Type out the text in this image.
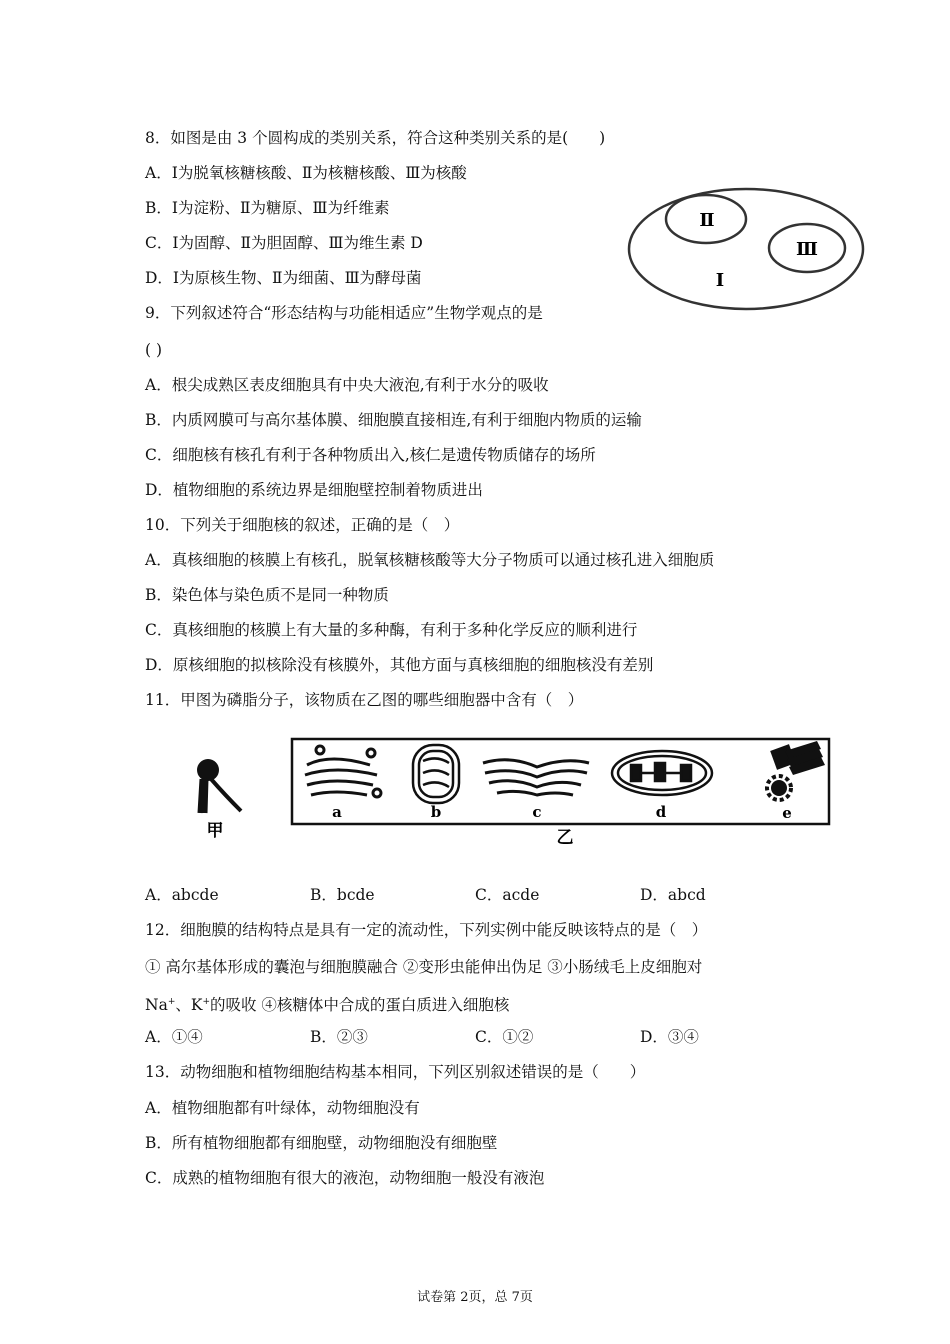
8．如图是由 3 个圆构成的类别关系，符合这种类别关系的是(　　)
A．Ⅰ为脱氧核糖核酸、Ⅱ为核糖核酸、Ⅲ为核酸
B．Ⅰ为淀粉、Ⅱ为糖原、Ⅲ为纤维素
C．Ⅰ为固醇、Ⅱ为胆固醇、Ⅲ为维生素 D
D．Ⅰ为原核生物、Ⅱ为细菌、Ⅲ为酵母菌
Ⅱ
Ⅲ
Ⅰ
9．下列叙述符合“形态结构与功能相适应”生物学观点的是
( )
A．根尖成熟区表皮细胞具有中央大液泡,有利于水分的吸收
B．内质网膜可与高尔基体膜、细胞膜直接相连,有利于细胞内物质的运输
C．细胞核有核孔有利于各种物质出入,核仁是遗传物质储存的场所
D．植物细胞的系统边界是细胞壁控制着物质进出
10．下列关于细胞核的叙述，正确的是（　）
A．真核细胞的核膜上有核孔，脱氧核糖核酸等大分子物质可以通过核孔进入细胞质
B．染色体与染色质不是同一种物质
C．真核细胞的核膜上有大量的多种酶，有利于多种化学反应的顺利进行
D．原核细胞的拟核除没有核膜外，其他方面与真核细胞的细胞核没有差别
11．甲图为磷脂分子，该物质在乙图的哪些细胞器中含有（　）
甲
a	b	c	d	e
乙
A．abcde	B．bcde	C．acde	D．abcd
12．细胞膜的结构特点是具有一定的流动性，下列实例中能反映该特点的是（　）
① 高尔基体形成的囊泡与细胞膜融合 ②变形虫能伸出伪足 ③小肠绒毛上皮细胞对
Na+、K+的吸收 ④核糖体中合成的蛋白质进入细胞核
A．①④	B．②③	C．①②	D．③④
13．动物细胞和植物细胞结构基本相同，下列区别叙述错误的是（　　）
A．植物细胞都有叶绿体，动物细胞没有
B．所有植物细胞都有细胞壁，动物细胞没有细胞壁
C．成熟的植物细胞有很大的液泡，动物细胞一般没有液泡
试卷第 2页，总 7页
